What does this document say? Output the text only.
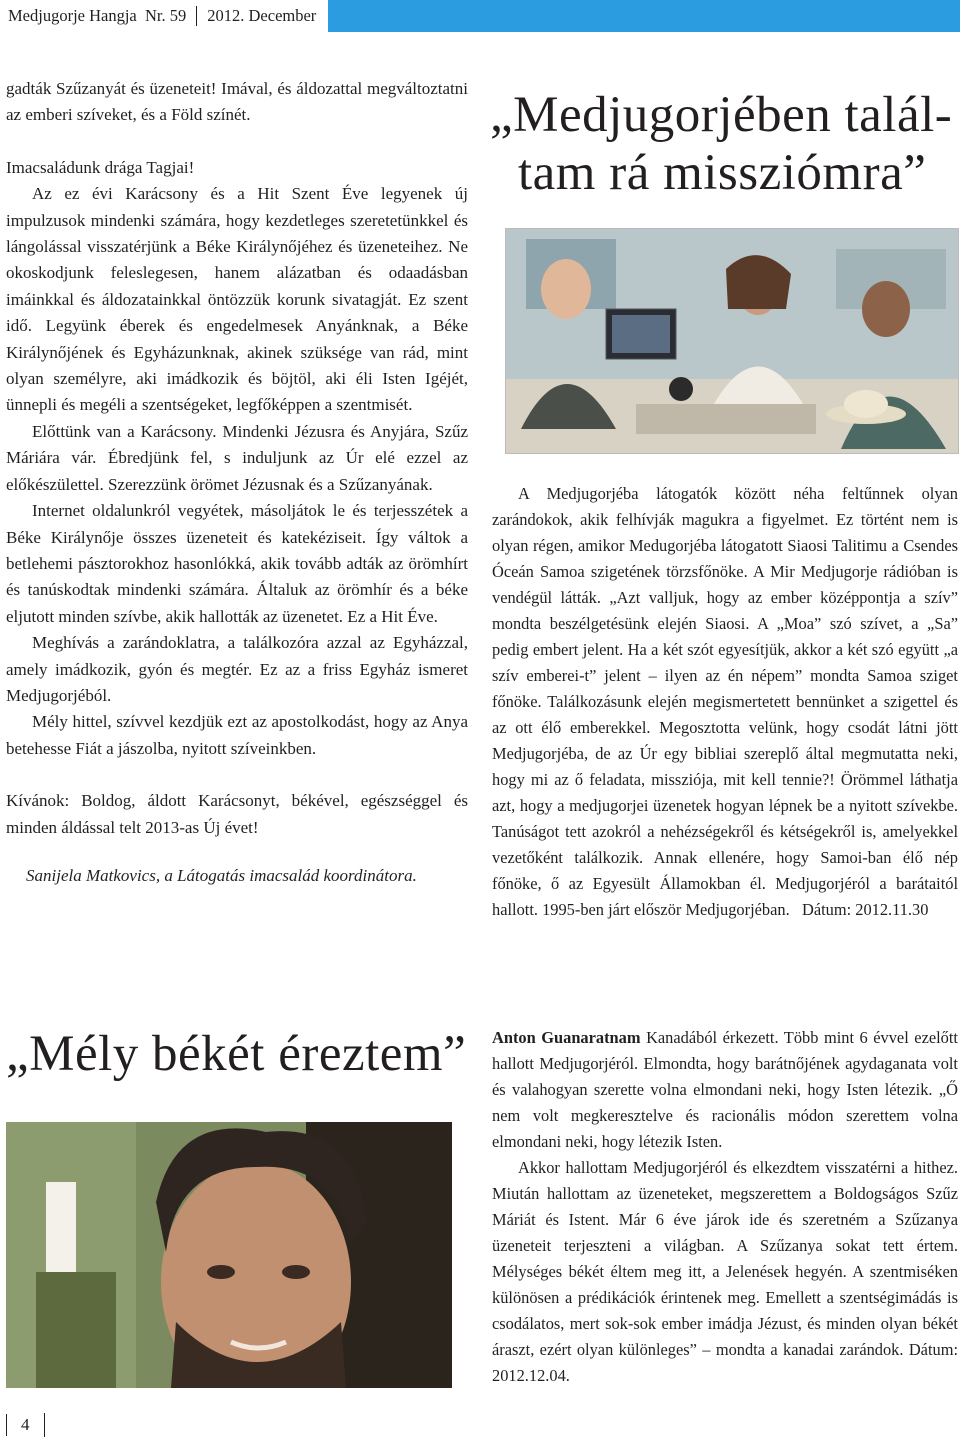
Medjugorje Hangja
Nr. 59 2012. December

gadták Szűzanyát és üzeneteit! Imával, és áldozattal megváltoztatni az emberi szíveket, és a Föld színét.

Imacsaládunk drága Tagjai!

Az ez évi Karácsony és a Hit Szent Éve legyenek új impulzusok mindenki számára, hogy kezdetleges szeretetünkkel és lángolással visszatérjünk a Béke Királynőjéhez és üzeneteihez. Ne okoskodjunk feleslegesen, hanem alázatban és odaadásban imáinkkal és áldozatainkkal öntözzük korunk sivatagját. Ez szent idő. Legyünk éberek és engedelmesek Anyánknak, a Béke Királynőjének és Egyházunknak, akinek szüksége van rád, mint olyan személyre, aki imádkozik és böjtöl, aki éli Isten Igéjét, ünnepli és megéli a szentségeket, legfőképpen a szentmisét.

Előttünk van a Karácsony. Mindenki Jézusra és Anyjára, Szűz Máriára vár. Ébredjünk fel, s induljunk az Úr elé ezzel az előkészülettel. Szerezzünk örömet Jézusnak és a Szűzanyának.

Internet oldalunkról vegyétek, másoljátok le és terjesszétek a Béke Királynője összes üzeneteit és katekéziseit. Így váltok a betlehemi pásztorokhoz hasonlókká, akik tovább adták az örömhírt és tanúskodtak mindenki számára. Általuk az örömhír és a béke eljutott minden szívbe, akik hallották az üzenetet. Ez a Hit Éve.

Meghívás a zarándoklatra, a találkozóra azzal az Egyházzal, amely imádkozik, gyón és megtér. Ez az a friss Egyház ismeret Medjugorjéból.

Mély hittel, szívvel kezdjük ezt az apostolkodást, hogy az Anya betehesse Fiát a jászolba, nyitott szíveinkben.

Kívánok: Boldog, áldott Karácsonyt, békével, egészséggel és minden áldással telt 2013-as Új évet!

Sanijela Matkovics, a Látogatás imacsalád koordinátora.

„Medjugorjében talál-
tam rá missziómra”

A Medjugorjéba látogatók között néha feltűnnek olyan zarándokok, akik felhívják magukra a figyelmet. Ez történt nem is olyan régen, amikor Medugorjéba látogatott Siaosi Talitimu a Csendes Óceán Samoa szigetének törzsfőnöke. A Mir Medjugorje rádióban is vendégül látták. „Azt valljuk, hogy az ember középpontja a szív” mondta beszélgetésünk elején Siaosi. A „Moa” szó szívet, a „Sa” pedig embert jelent. Ha a két szót egyesítjük, akkor a két szó együtt „a szív emberei-t” jelent – ilyen az én népem” mondta Samoa sziget főnöke. Találkozásunk elején megismertetett bennünket a szigettel és az ott élő emberekkel. Megosztotta velünk, hogy csodát látni jött Medjugorjéba, de az Úr egy bibliai szereplő által megmutatta neki, hogy mi az ő feladata, missziója, mit kell tennie?! Örömmel láthatja azt, hogy a medjugorjei üzenetek hogyan lépnek be a nyitott szívekbe. Tanúságot tett azokról a nehézségekről és kétségekről is, amelyekkel vezetőként találkozik. Annak ellenére, hogy Samoi-ban élő nép főnöke, ő az Egyesült Államokban él. Medjugorjéról a barátaitól hallott. 1995-ben járt először Medjugorjéban. Dátum: 2012.11.30

„Mély békét éreztem”	Anton Guanaratnam Kanadából érkezett. Több mint 6 évvel ezelőtt hallott Medjugorjéról. Elmondta, hogy barátnőjének agydaganata volt és valahogyan szerette volna elmondani neki, hogy Isten létezik. „Ő nem volt megkeresztelve és racionális módon szerettem volna elmondani neki, hogy létezik Isten.

Akkor hallottam Medjugorjéról és elkezdtem visszatérni a hithez. Miután hallottam az üzeneteket, megszerettem a Boldogságos Szűz Máriát és Istent. Már 6 éve járok ide és szeretném a Szűzanya üzeneteit terjeszteni a világban. A Szűzanya sokat tett értem. Mélységes békét éltem meg itt, a Jelenések hegyén. A szentmiséken különösen a prédikációk érintenek meg. Emellett a szentségimádás is csodálatos, mert sok-sok ember imádja Jézust, és minden olyan békét áraszt, ezért olyan különleges” – mondta a kanadai zarándok. Dátum: 2012.12.04.

4
